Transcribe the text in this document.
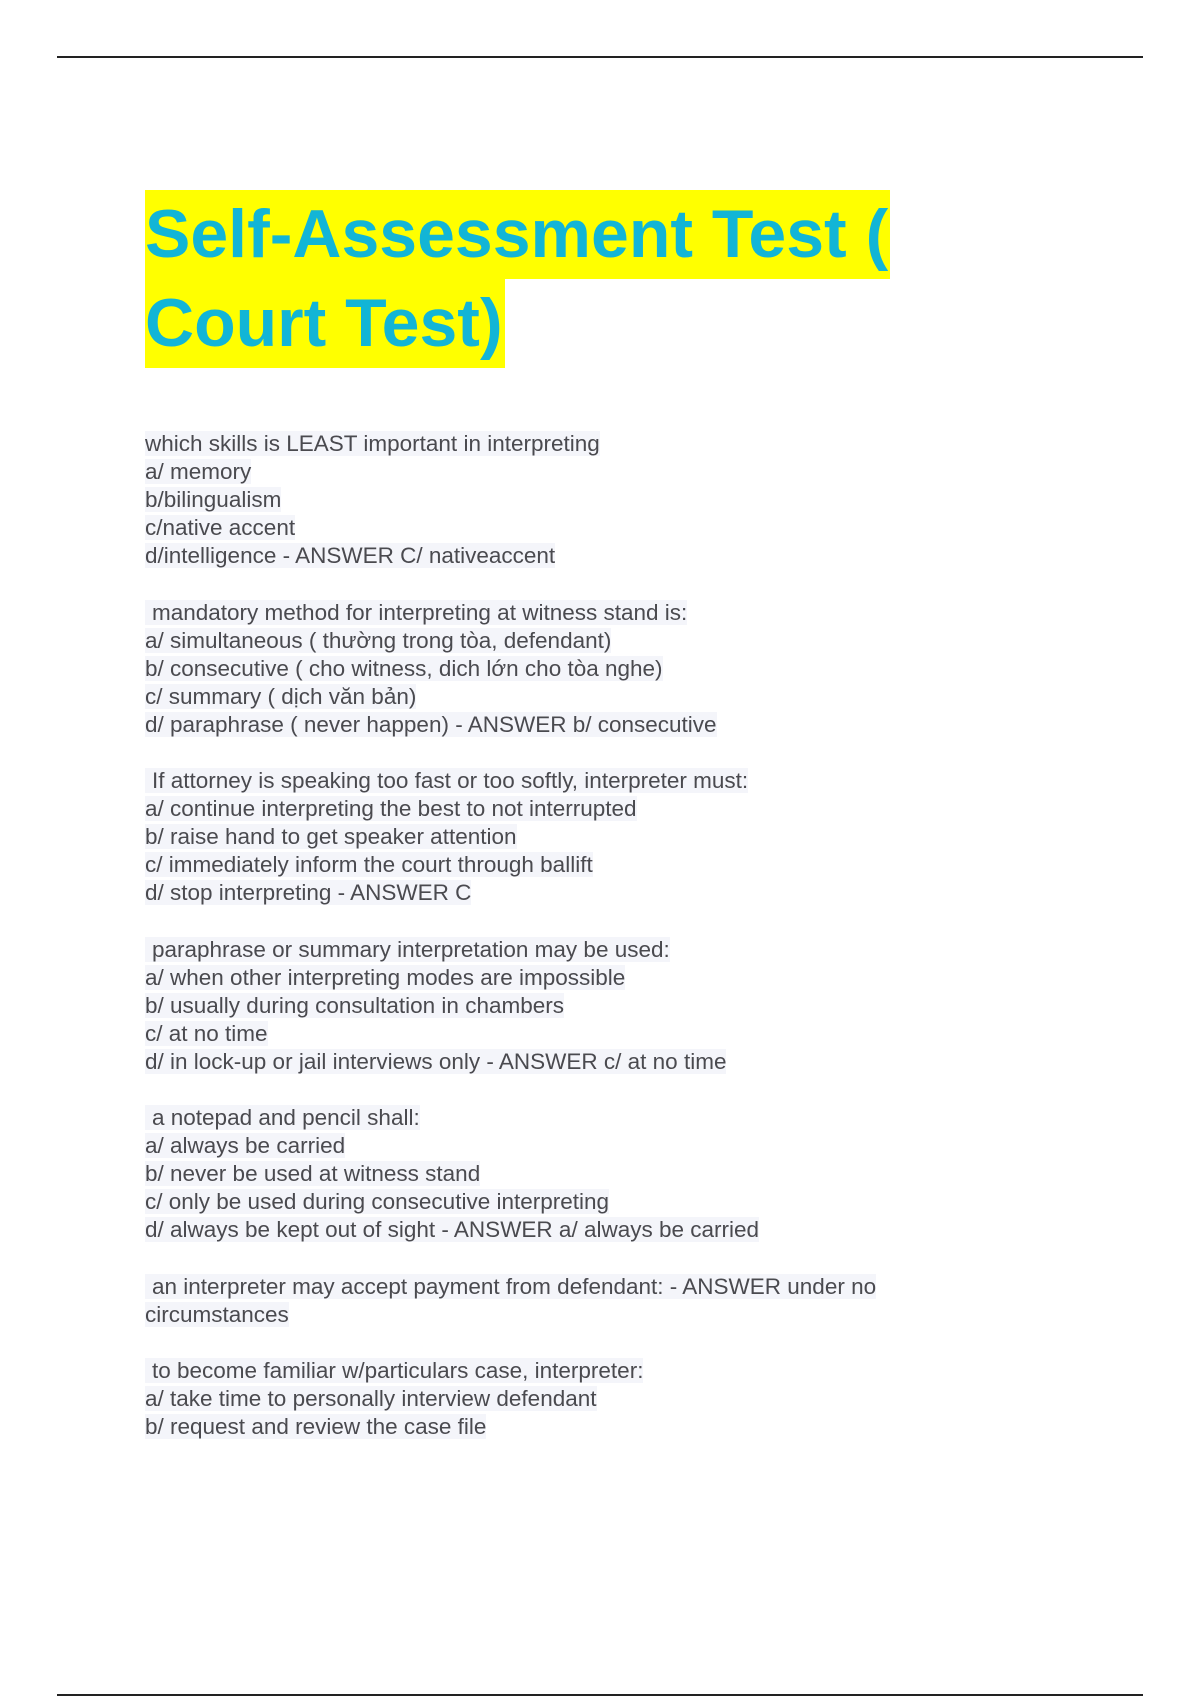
Self-Assessment Test (
Court Test)
which skills is LEAST important in interpreting
a/ memory
b/bilingualism
c/native accent
d/intelligence - ANSWER C/ nativeaccent
mandatory method for interpreting at witness stand is:
a/ simultaneous ( thường trong tòa, defendant)
b/ consecutive ( cho witness, dich lớn cho tòa nghe)
c/ summary ( dịch văn bản)
d/ paraphrase ( never happen) - ANSWER b/ consecutive
If attorney is speaking too fast or too softly, interpreter must:
a/ continue interpreting the best to not interrupted
b/ raise hand to get speaker attention
c/ immediately inform the court through ballift
d/ stop interpreting - ANSWER C
paraphrase or summary interpretation may be used:
a/ when other interpreting modes are impossible
b/ usually during consultation in chambers
c/ at no time
d/ in lock-up or jail interviews only - ANSWER c/ at no time
a notepad and pencil shall:
a/ always be carried
b/ never be used at witness stand
c/ only be used during consecutive interpreting
d/ always be kept out of sight - ANSWER a/ always be carried
an interpreter may accept payment from defendant: - ANSWER under no
circumstances
to become familiar w/particulars case, interpreter:
a/ take time to personally interview defendant
b/ request and review the case file
